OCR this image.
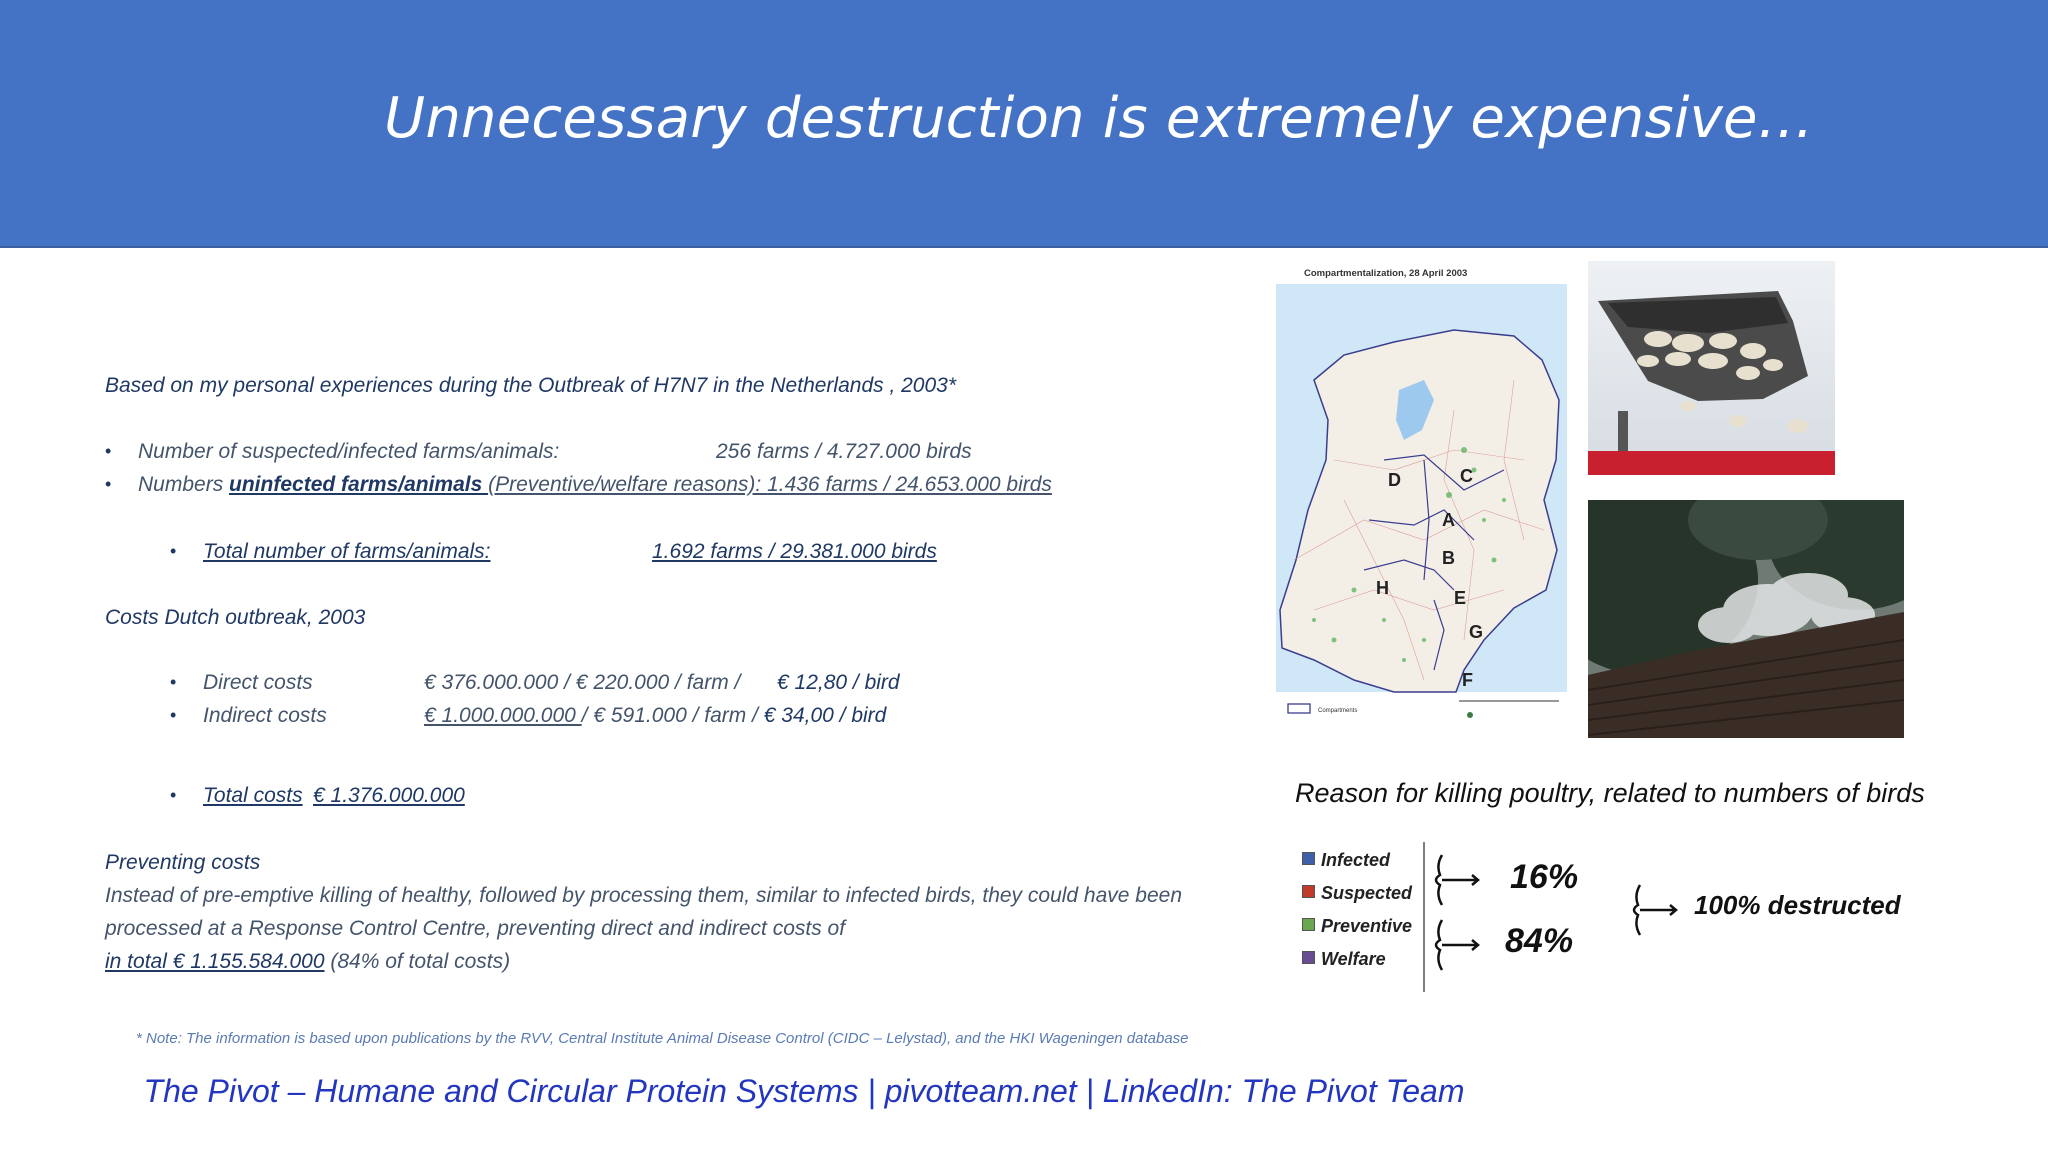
Unnecessary destruction is extremely expensive…
Based on my personal experiences during the Outbreak of H7N7 in the Netherlands , 2003*
• Number of suspected/infected farms/animals:	256 farms / 4.727.000 birds
• Numbers uninfected farms/animals (Preventive/welfare reasons): 1.436 farms / 24.653.000 birds
• Total number of farms/animals:	1.692 farms / 29.381.000 birds
Costs Dutch outbreak, 2003
• Direct costs	€ 376.000.000 / € 220.000 / farm / € 12,80 / bird
• Indirect costs	€ 1.000.000.000 / € 591.000 / farm / € 34,00 / bird
• Total costs € 1.376.000.000
Preventing costs
Instead of pre-emptive killing of healthy, followed by processing them, similar to infected birds, they could have been
processed at a Response Control Centre, preventing direct and indirect costs of
in total € 1.155.584.000 (84% of total costs)
* Note: The information is based upon publications by the RVV, Central Institute Animal Disease Control (CIDC – Lelystad), and the HKI Wageningen database
The Pivot – Humane and Circular Protein Systems | pivotteam.net | LinkedIn: The Pivot Team
Compartmentalization, 28 April 2003
D	C
A
B
H	E
G
F
Compartments
Reason for killing poultry, related to numbers of birds
Infected
Suspected
Preventive
Welfare
16%
84%
100% destructed
